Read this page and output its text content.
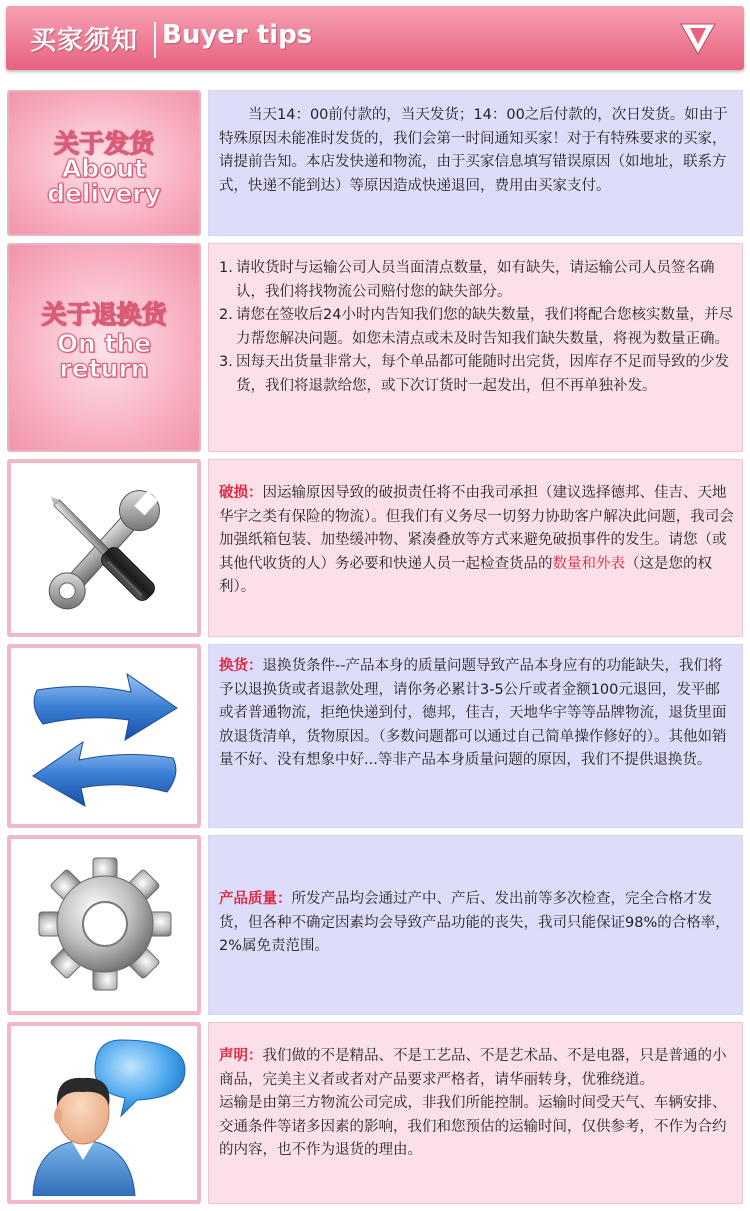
买家须知 Buyer tips
关于发货
About
delivery

当天14：00前付款的，当天发货；14：00之后付款的，次日发货。如由于特殊原因未能准时发货的，我们会第一时间通知买家！对于有特殊要求的买家，请提前告知。本店发快递和物流，由于买家信息填写错误原因（如地址，联系方式，快递不能到达）等原因造成快递退回，费用由买家支付。

关于退换货
On the
return
1. 请收货时与运输公司人员当面清点数量，如有缺失，请运输公司人员签名确认，我们将找物流公司赔付您的缺失部分。
2. 请您在签收后24小时内告知我们您的缺失数量，我们将配合您核实数量，并尽力帮您解决问题。如您未清点或未及时告知我们缺失数量，将视为数量正确。
3. 因每天出货量非常大，每个单品都可能随时出完货，因库存不足而导致的少发货，我们将退款给您，或下次订货时一起发出，但不再单独补发。

破损：因运输原因导致的破损责任将不由我司承担（建议选择德邦、佳吉、天地华宇之类有保险的物流）。但我们有义务尽一切努力协助客户解决此问题，我司会加强纸箱包装、加垫缓冲物、紧凑叠放等方式来避免破损事件的发生。请您（或其他代收货的人）务必要和快递人员一起检查货品的数量和外表（这是您的权利）。

换货：退换货条件--产品本身的质量问题导致产品本身应有的功能缺失，我们将予以退换货或者退款处理，请你务必累计3-5公斤或者金额100元退回，发平邮或者普通物流，拒绝快递到付，德邦，佳吉，天地华宇等等品牌物流，退货里面放退货清单，货物原因。（多数问题都可以通过自己简单操作修好的）。其他如销量不好、没有想象中好...等非产品本身质量问题的原因，我们不提供退换货。

产品质量：所发产品均会通过产中、产后、发出前等多次检查，完全合格才发货，但各种不确定因素均会导致产品功能的丧失，我司只能保证98%的合格率，2%属免责范围。

声明：我们做的不是精品、不是工艺品、不是艺术品、不是电器，只是普通的小商品，完美主义者或者对产品要求严格者，请华丽转身，优雅绕道。

运输是由第三方物流公司完成，非我们所能控制。运输时间受天气、车辆安排、交通条件等诸多因素的影响，我们和您预估的运输时间，仅供参考，不作为合约的内容，也不作为退货的理由。
